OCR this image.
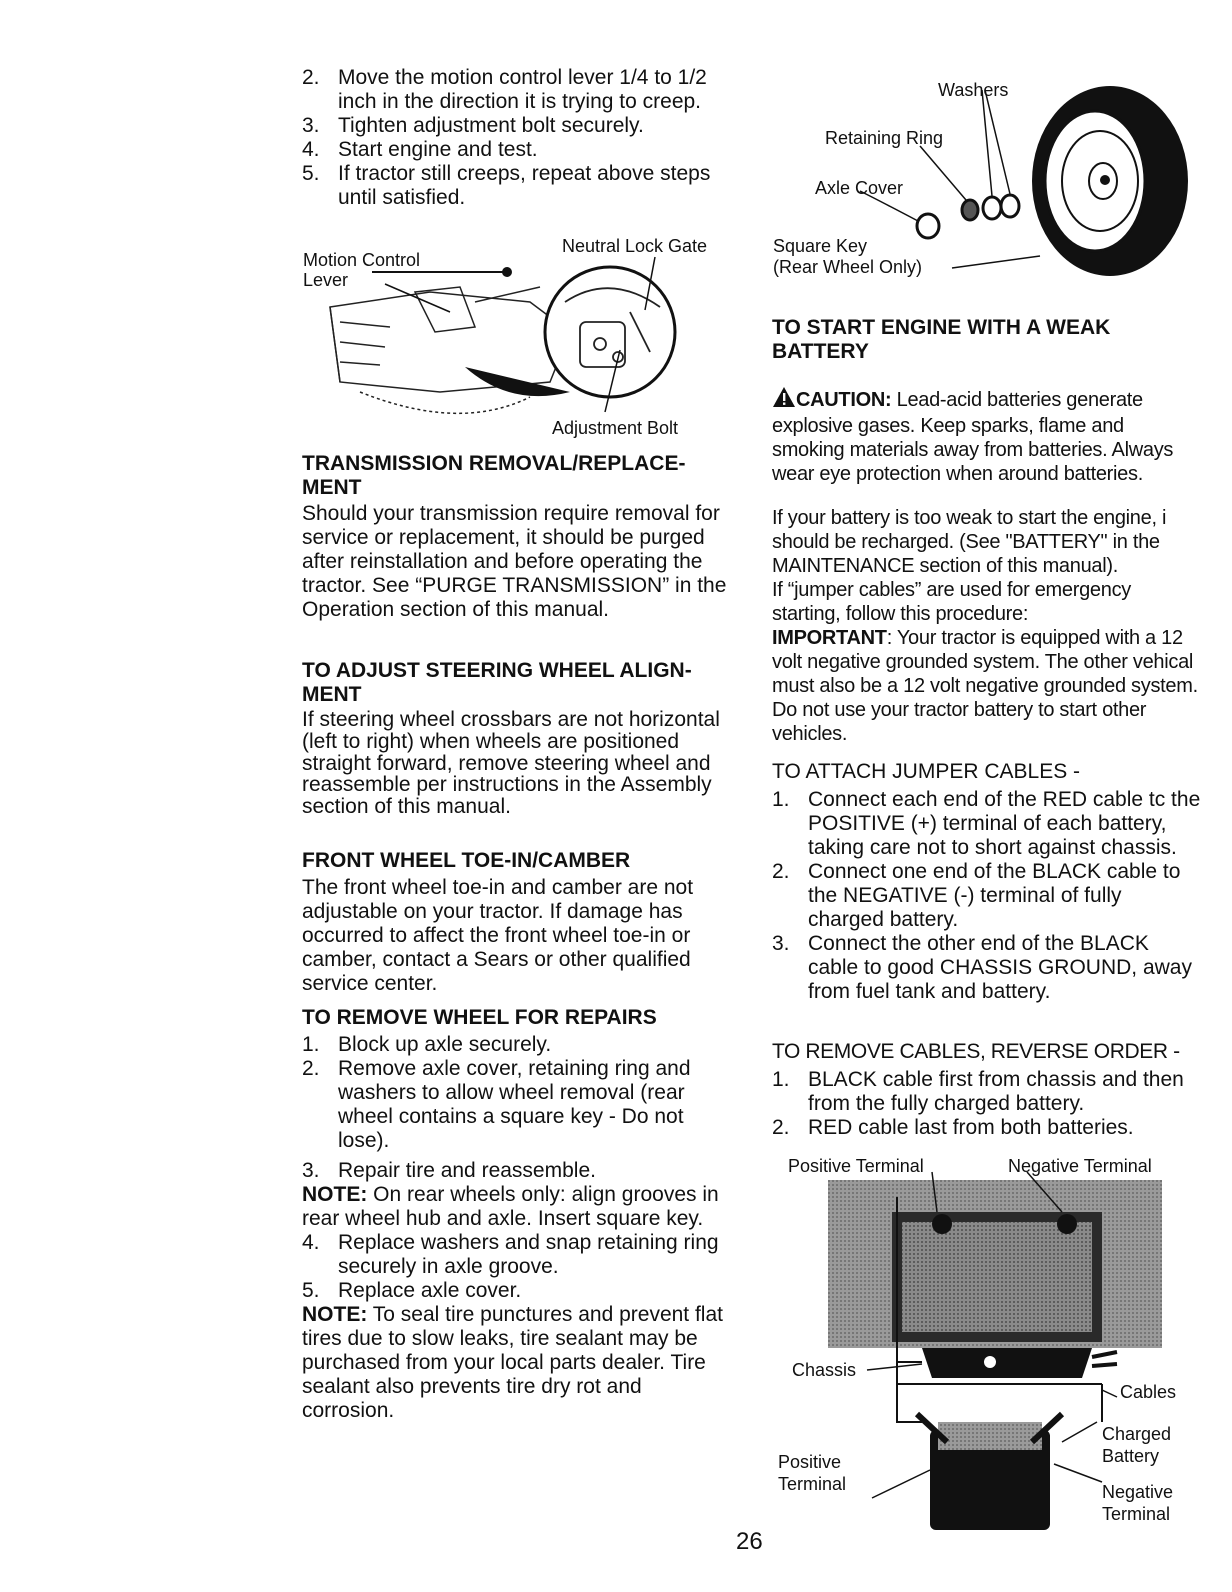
2. Move the motion control lever 1/4 to 1/2 inch in the direction it is trying to creep.
3. Tighten adjustment bolt securely.
4. Start engine and test.
5. If tractor still creeps, repeat above steps until satisfied.
Motion Control Lever
Neutral Lock Gate
Adjustment Bolt
TRANSMISSION REMOVAL/REPLACE-MENT
Should your transmission require removal for service or replacement, it should be purged after reinstallation and before operating the tractor. See “PURGE TRANSMISSION” in the Operation section of this manual.
TO ADJUST STEERING WHEEL ALIGN-MENT
If steering wheel crossbars are not horizontal (left to right) when wheels are positioned straight forward, remove steering wheel and reassemble per instructions in the Assembly section of this manual.
FRONT WHEEL TOE-IN/CAMBER
The front wheel toe-in and camber are not adjustable on your tractor. If damage has occurred to affect the front wheel toe-in or camber, contact a Sears or other qualified service center.
TO REMOVE WHEEL FOR REPAIRS
1. Block up axle securely.
2. Remove axle cover, retaining ring and washers to allow wheel removal (rear wheel contains a square key - Do not lose).
3. Repair tire and reassemble.
NOTE: On rear wheels only: align grooves in rear wheel hub and axle. Insert square key.
4. Replace washers and snap retaining ring securely in axle groove.
5. Replace axle cover.
NOTE: To seal tire punctures and prevent flat tires due to slow leaks, tire sealant may be purchased from your local parts dealer. Tire sealant also prevents tire dry rot and corrosion.
Washers
Retaining Ring
Axle Cover
Square Key
(Rear Wheel Only)
TO START ENGINE WITH A WEAK BATTERY
CAUTION: Lead-acid batteries generate explosive gases. Keep sparks, flame and smoking materials away from batteries. Always wear eye protection when around batteries.
If your battery is too weak to start the engine, i should be recharged. (See "BATTERY" in the MAINTENANCE section of this manual).
If “jumper cables” are used for emergency starting, follow this procedure:
IMPORTANT: Your tractor is equipped with a 12 volt negative grounded system. The other vehical must also be a 12 volt negative grounded system. Do not use your tractor battery to start other vehicles.
TO ATTACH JUMPER CABLES -
1. Connect each end of the RED cable tc the POSITIVE (+) terminal of each battery, taking care not to short against chassis.
2. Connect one end of the BLACK cable to the NEGATIVE (-) terminal of fully charged battery.
3. Connect the other end of the BLACK cable to good CHASSIS GROUND, away from fuel tank and battery.
TO REMOVE CABLES, REVERSE ORDER -
1. BLACK cable first from chassis and then from the fully charged battery.
2. RED cable last from both batteries.
Positive Terminal	Negative Terminal
Chassis
Cables
Charged
Battery
Positive
Terminal	Negative
Terminal
26
